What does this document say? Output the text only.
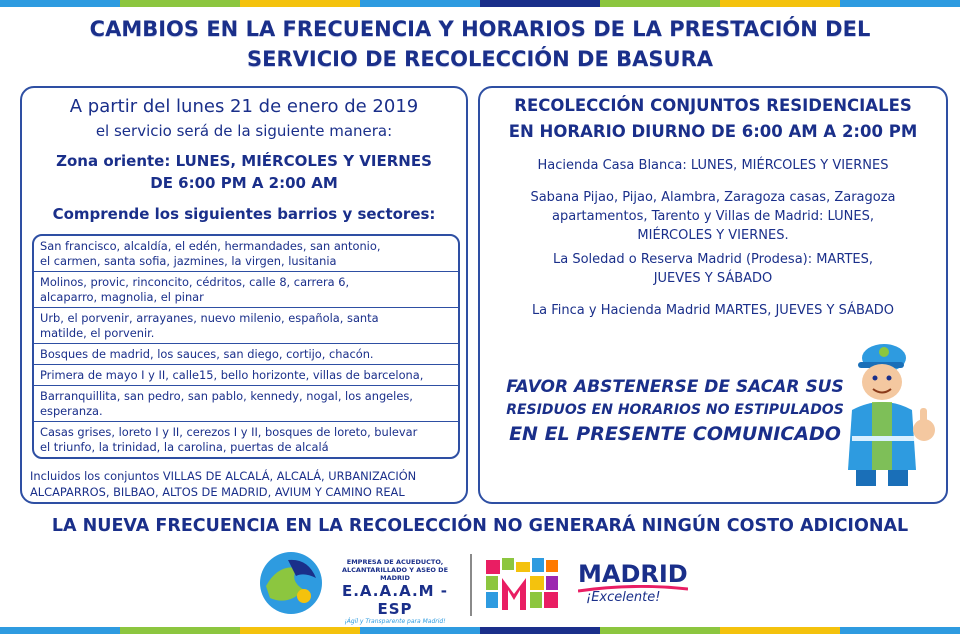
CAMBIOS EN LA FRECUENCIA Y HORARIOS DE LA PRESTACIÓN DEL
SERVICIO DE RECOLECCIÓN DE BASURA
A partir del lunes 21 de enero de 2019
el servicio será de la siguiente manera:
Zona oriente: LUNES, MIÉRCOLES Y VIERNES
DE 6:00 PM A 2:00 AM
Comprende los siguientes barrios y sectores:
San francisco, alcaldía, el edén, hermandades, san antonio,
el carmen, santa sofia, jazmines, la virgen, lusitania
Molinos, provic, rinconcito, cédritos, calle 8, carrera 6,
alcaparro, magnolia, el pinar
Urb, el porvenir, arrayanes, nuevo milenio, española, santa
matilde, el porvenir.
Bosques de madrid, los sauces, san diego, cortijo, chacón.
Primera de mayo I y II, calle15, bello horizonte, villas de barcelona,
Barranquillita, san pedro, san pablo, kennedy, nogal, los angeles,
esperanza.
Casas grises, loreto I y II, cerezos I y II, bosques de loreto, bulevar
el triunfo, la trinidad, la carolina, puertas de alcalá
Incluidos los conjuntos VILLAS DE ALCALÁ, ALCALÁ, URBANIZACIÓN
ALCAPARROS, BILBAO, ALTOS DE MADRID, AVIUM Y CAMINO REAL
RECOLECCIÓN CONJUNTOS RESIDENCIALES
EN HORARIO DIURNO DE 6:00 AM A 2:00 PM
Hacienda Casa Blanca: LUNES, MIÉRCOLES Y VIERNES
Sabana Pijao, Pijao, Alambra, Zaragoza casas, Zaragoza
apartamentos, Tarento y Villas de Madrid: LUNES,
MIÉRCOLES Y VIERNES.
La Soledad o Reserva Madrid (Prodesa): MARTES,
JUEVES Y SÁBADO
La Finca y Hacienda Madrid MARTES, JUEVES Y SÁBADO
FAVOR ABSTENERSE DE SACAR SUS
RESIDUOS EN HORARIOS NO ESTIPULADOS
EN EL PRESENTE COMUNICADO
LA NUEVA FRECUENCIA EN LA RECOLECCIÓN NO GENERARÁ NINGÚN COSTO ADICIONAL
EMPRESA DE ACUEDUCTO,
ALCANTARILLADO Y ASEO DE MADRID
E.A.A.A.M - ESP
¡Ágil y Transparente para Madrid!
MADRID
¡Excelente!
